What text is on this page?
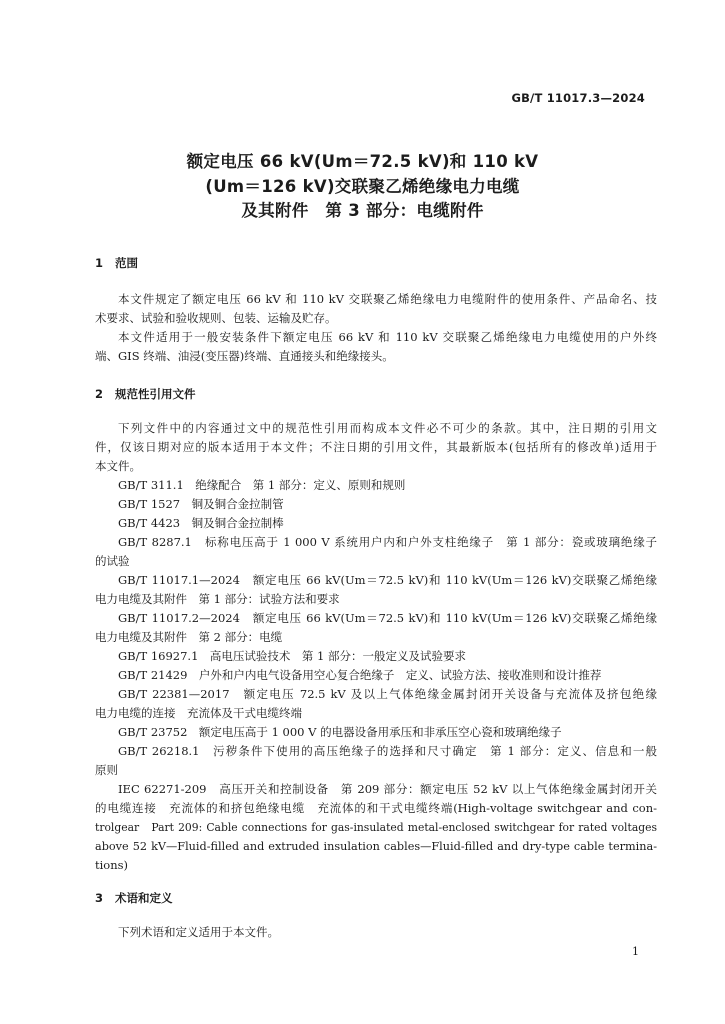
GB/T 11017.3—2024
额定电压 66 kV(Um＝72.5 kV)和 110 kV
(Um＝126 kV)交联聚乙烯绝缘电力电缆
及其附件　第 3 部分：电缆附件
1 范围
本文件规定了额定电压 66 kV 和 110 kV 交联聚乙烯绝缘电力电缆附件的使用条件、产品命名、技
术要求、试验和验收规则、包装、运输及贮存。
本文件适用于一般安装条件下额定电压 66 kV 和 110 kV 交联聚乙烯绝缘电力电缆使用的户外终
端、GIS 终端、油浸(变压器)终端、直通接头和绝缘接头。
2 规范性引用文件
下列文件中的内容通过文中的规范性引用而构成本文件必不可少的条款。其中，注日期的引用文
件，仅该日期对应的版本适用于本文件；不注日期的引用文件，其最新版本(包括所有的修改单)适用于
本文件。
GB/T 311.1　绝缘配合　第 1 部分：定义、原则和规则
GB/T 1527　铜及铜合金拉制管
GB/T 4423　铜及铜合金拉制棒
GB/T 8287.1　标称电压高于 1 000 V 系统用户内和户外支柱绝缘子　第 1 部分：瓷或玻璃绝缘子
的试验
GB/T 11017.1—2024　额定电压 66 kV(Um＝72.5 kV)和 110 kV(Um＝126 kV)交联聚乙烯绝缘
电力电缆及其附件　第 1 部分：试验方法和要求
GB/T 11017.2—2024　额定电压 66 kV(Um＝72.5 kV)和 110 kV(Um＝126 kV)交联聚乙烯绝缘
电力电缆及其附件　第 2 部分：电缆
GB/T 16927.1　高电压试验技术　第 1 部分：一般定义及试验要求
GB/T 21429　户外和户内电气设备用空心复合绝缘子　定义、试验方法、接收准则和设计推荐
GB/T 22381—2017　额定电压 72.5 kV 及以上气体绝缘金属封闭开关设备与充流体及挤包绝缘
电力电缆的连接　充流体及干式电缆终端
GB/T 23752　额定电压高于 1 000 V 的电器设备用承压和非承压空心瓷和玻璃绝缘子
GB/T 26218.1　污秽条件下使用的高压绝缘子的选择和尺寸确定　第 1 部分：定义、信息和一般
原则
IEC 62271-209　高压开关和控制设备　第 209 部分：额定电压 52 kV 以上气体绝缘金属封闭开关
的电缆连接　充流体的和挤包绝缘电缆　充流体的和干式电缆终端(High-voltage switchgear and con-
trolgear　Part 209: Cable connections for gas-insulated metal-enclosed switchgear for rated voltages
above 52 kV—Fluid-filled and extruded insulation cables—Fluid-filled and dry-type cable termina-
tions)
3 术语和定义
下列术语和定义适用于本文件。
1
